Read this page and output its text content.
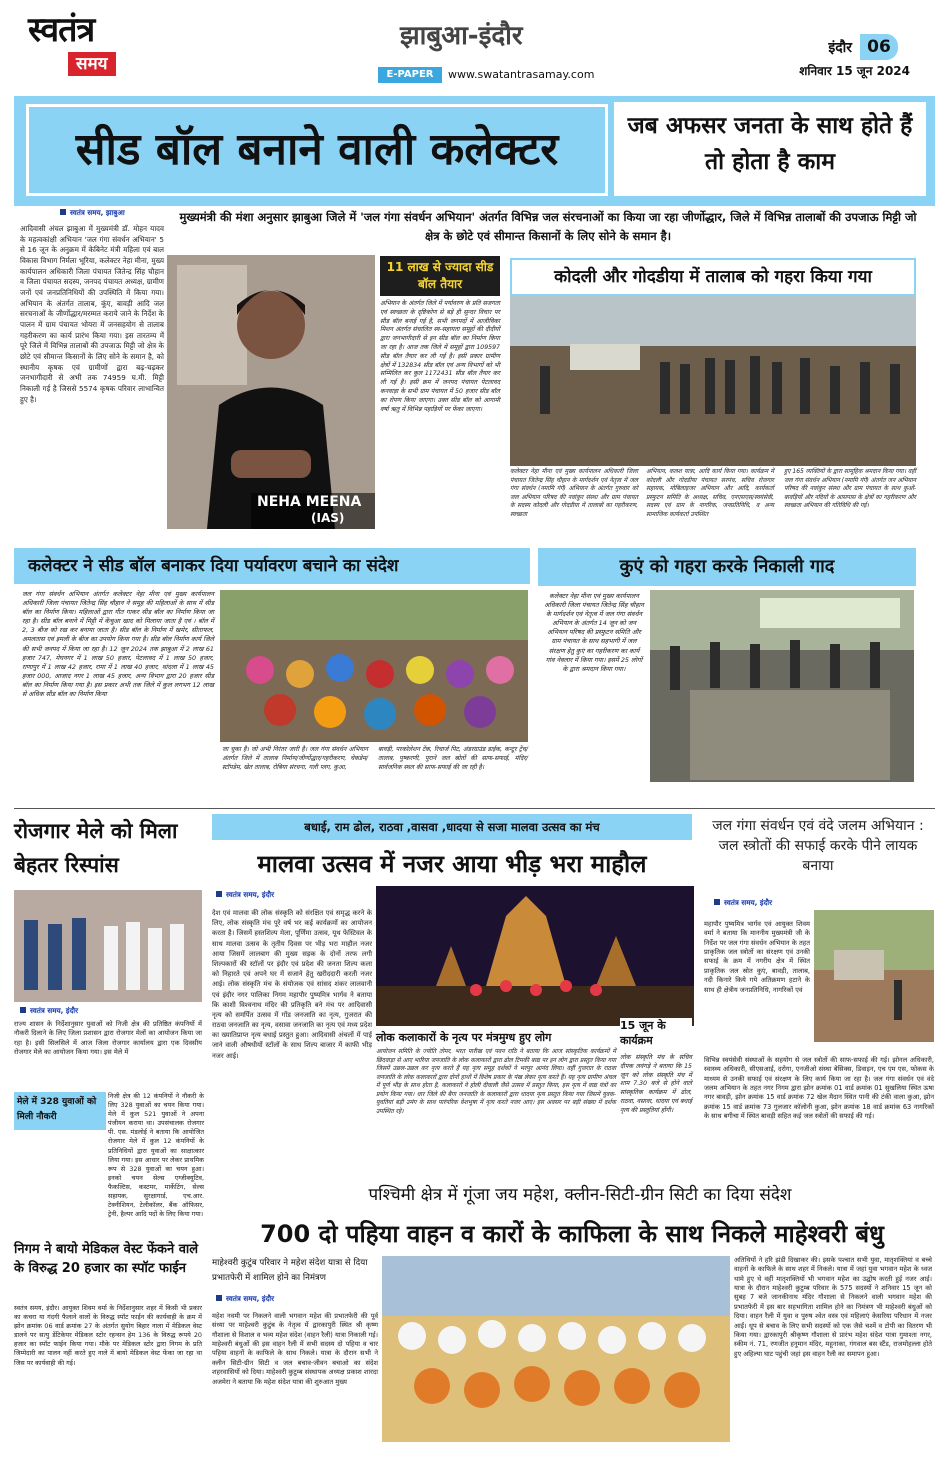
स्वतंत्र
समय
झाबुआ-इंदौर
E-PAPER	www.swatantrasamay.com
इंदौर 06
शनिवार 15 जून 2024
सीड बॉल बनाने वाली कलेक्टर	जब अफसर जनता के साथ होते हैं तो होता है काम
मुख्यमंत्री की मंशा अनुसार झाबुआ जिले में 'जल गंगा संवर्धन अभियान' अंतर्गत विभिन्न जल संरचनाओं का किया जा रहा जीर्णोद्धार, जिले में विभिन्न तालाबों की उपजाऊ मिट्टी जो क्षेत्र के छोटे एवं सीमान्त किसानों के लिए सोने के समान है।
स्वतंत्र समय, झाबुआ
आदिवासी अंचल झाबुआ में मुख्यमंत्री डॉ. मोहन यादव के महत्वकांक्षी अभियान 'जल गंगा संवर्धन अभियान' 5 से 16 जून के अनुक्रम में केबिनेट मंत्री महिला एवं बाल विकास विभाग निर्मला भूरिया, कलेक्टर नेहा मीना, मुख्य कार्यपालन अधिकारी जिला पंचायत जितेन्द्र सिंह चौहान व जिला पंचायत सदस्य, जनपद पंचायत अध्यक्ष, ग्रामीण जनों एवं जनप्रतिनिधियों की उपस्थिति में किया गया। अभियान के अंतर्गत तालाब, कूंए, बावड़ी आदि जल सरचनाओं के जीर्णोद्धार/मरम्मत कराये जाने के निर्देश के पालन में ग्राम पंचायत भोयरा में जनसहयोग से तालाब गहरीकरण का कार्य प्रारंभ किया गया। इस तारतम्य में पूरे जिले में विभिन्न तालाबों की उपजाऊ मिट्टी जो क्षेत्र के छोटे एवं सीमान्त किसानों के लिए सोने के समान है, को स्थानीय कृषक एवं ग्रामीणों द्वारा बढ़-चढ़कर जनभागीदारी से अभी तक 74959 घ.मी. मिट्टी निकाली गई है जिससे 5574 कृषक परिवार लाभान्वित हुए है।
NEHA MEENA
(IAS)
11 लाख से ज्यादा सीड बॉल तैयार
अभियान के अंतर्गत जिले में पर्यावरण के प्रति सजगता एवं स्वच्छता के दृष्टिकोण से बड़े ही सुन्दर विचार पर सीड बॉल बनाई गई है, सभी जनपदों में आजीविका मिशन अंतर्गत संचालित स्व-सहायता समूहों की दीदीयों द्वारा जनभागीदारी से इन सीड बॉल का निर्माण किया जा रहा है। आज तक जिले में समूहों द्वारा 109597 सीड बॉल तैयार कर ली गई है। इसी प्रकार ग्रामीण क्षेत्रों में 132834 सीड बॉल एवं अन्य विभागों को भी सम्मिलित कर कुल 1172431 सीड बॉल तैयार कर ली गई है। इसी क्रम में जनपद पंचायत पेटलावद कनवाड़ा के सभी ग्राम पंचायत में 50 हजार सीड बॉल का रोपण किया जाएगा। उक्त सीड बॉल को आगामी वर्षा ऋतु में विभिन्न पहाड़ियों पर फेंका जाएगा।
कोदली और गोदडीया में तालाब को गहरा किया गया
कलेक्टर नेहा मीना एवं मुख्य कार्यपालन अधिकारी जिला पंचायत जितेन्द्र सिंह चौहान के मार्गदर्शन एवं नेतृत्व में जल गंगा संवर्धन (नमामि गंगे) अभियान के अंतर्गत गुरुवार को जल अभियान परिषद की नवांकुर संस्था और ग्राम पंचायत के सदस्य कोदली और गोदडीया में तालाबों का गहरीकरण, स्वच्छता
अभियान, कलश यात्रा, आदि कार्य किया गया। कार्यक्रम में कोदली और गोदडीया पंचायत सरपंच, सचिव रोजगार सहायक, मोबिलाइजर अभियान और आदि, कार्यकर्ता प्रस्फुटन समिति के अध्यक्ष, सचिव, एनएसएस/स्वयंसेवी, सदस्य एवं ग्राम के नागरिक, जनप्रतिनिधि, व अन्य सामाजिक कार्यकर्ता उपस्थित
हुए 165 व्यक्तियों के द्वारा सामूहिक श्रमदान किया गया। वहीं जल गंगा संवर्धन अभियान (नमामि गंगे) अंतर्गत जन अभियान परिषद की नवांकुर संस्था और ग्राम पंचायत के साथ कुओं-बावड़ियों और नदियों के आसपास के क्षेत्रों का गहरीकरण और स्वच्छता अभियान की गतिविधि की गई।
कलेक्टर ने सीड बॉल बनाकर दिया पर्यावरण बचाने का संदेश
जल गंगा संवर्धन अभियान अंतर्गत कलेक्टर नेहा मीना एवं मुख्य कार्यपालन अधिकारी जिला पंचायत जितेन्द्र सिंह चौहान ने समूह की महिलाओं के साथ में सीड बॉल का निर्माण किया। महिलाओं द्वारा गीत गाकर सीड बॉल का निर्माण किया जा रहा है। सीड बॉल बनाने में मिट्टी में केंचुआ खाद को मिलाया जाता है एवं । बॉल में 2, 3 बीज को रख कर बनाया जाता है। सीड बॉल के निर्माण में खमेर, सीताफल, अमलतास एवं इमली के बीज का उपयोग किया गया है। सीड बॉल निर्माण कार्य जिले की सभी जनपद में किया जा रहा है। 12 जून 2024 तक झाबुआ में 2 लाख 61 हजार 747, मेघनगर में 1 लाख 50 हजार, पेटलावद में 1 लाख 50 हजार, राणापुर में 1 लाख 42 हजार, रामा में 1 लाख 40 हजार, थांदला में 1 लाख 45 हजार 000, आजाद नगर 1 लाख 45 हजार, अन्य विभाग द्वारा 20 हजार सीड बॉल का निर्माण किया गया है। इस प्रकार अभी तक जिले में कुल लगभग 12 लाख से अधिक सीड बॉल का निर्माण किया
जा चुका है। जो अभी निरंतर जारी है। जल गंगा संवर्धन अभियान अंतर्गत जिले में तालाब निर्माण/जीर्णोद्धार/गहरीकरण, चेकडेम/स्टॉपडेम, खेत तालाब, रोबिया संरचना, गली प्लग, कुआ,
बावड़ी, परकोलेशन टेंक, रिचार्ज पिट, अंडरग्राउंड डाईक, कन्टूर ट्रेंच/तालाब, पुष्करणी, पुराने जल स्रोतों की साफ-सफाई, मंदिर/सार्वजनिक स्थल की साफ-सफाई की जा रही है।
कुएं को गहरा करके निकाली गाद
कलेक्टर नेहा मीना एवं मुख्य कार्यपालन अधिकारी जिला पंचायत जितेन्द्र सिंह चौहान के मार्गदर्शन एवं नेतृत्व में जल गंगा संवर्धन अभियान के अंतर्गत 14 जून को जन अभियान परिषद की प्रस्फुटन समिति और ग्राम पंचायत के साथ सहभागी में जल संरक्षण हेतु कुएं का गहरीकरण का कार्य गांव नेवलार में किया गया। इसमें 25 लोगों के द्वारा श्रमदान किया गया।
रोजगार मेले को मिला बेहतर रिस्पांस
स्वतंत्र समय, इंदौर
राज्य शासन के निर्देशानुसार युवाओं को निजी क्षेत्र की प्रतिष्ठित कंपनियों में नौकरी दिलाने के लिए जिला प्रशासन द्वारा रोजगार मेलों का आयोजन किया जा रहा है। इसी सिलसिले में आज जिला रोजगार कार्यालय द्वारा एक दिवसीय रोजगार मेले का आयोजन किया गया। इस मेले में
मेले में 328 युवाओं को मिली नौकरी
निजी क्षेत्र की 12 कंपनियों ने नौकरी के लिए 328 युवाओं का चयन किया गया। मेले में कुल 521 युवाओं ने अपना पंजीयन कराया था। उपसंचालक रोजगार पी. एस. मंडलोई ने बताया कि आयोजित रोजगार मेले में कुल 12 कंपनियों के प्रतिनिधियों द्वारा युवाओं का साक्षात्कार लिया गया। इस आधार पर लेकर प्राथमिक रूप से 328 युवाओं का चयन हुआ। इनको चयन सेल्स एग्जीक्यूटिव, फैकल्टिस, कस्टमर, मार्केटिंग, सेल्स सहायक, सुरक्षागार्ड, एच.आर. टेक्नीशियन, टेलीकॉलर, बैंक ऑफिसर, ट्रेनी, हैल्पर आदि पदों के लिए किया गया।
निगम ने बायो मेडिकल वेस्ट फेंकने वाले के विरुद्ध 20 हजार का स्पॉट फाईन
स्वतंत्र समय, इंदौर। आयुक्त शिवम वर्मा के निर्देशानुसार शहर में किसी भी प्रकार का कचरा या गंदगी फैलाने वालों के विरुद्ध स्पॉट फाईन की कार्यवाही के क्रम में झोन क्रमांक 06 वार्ड क्रमांक 27 के अंतर्गत सुयोग बिहार नाला में मेडिकल वेस्ट डालने पर सत्यु डेंटिकेयर मेडिकल स्टोर रहन्सन हेम 136 के विरुद्ध रूपये 20 हजार का स्पॉट फाईन किया गया। मौके पर मेडिकल स्टोर द्वारा निगम के प्रति जिम्मेदारी का पालन नहीं करते हुए नाले में बायो मेडिकल वेस्ट फेंका जा रहा था जिस पर कार्यवाही की गई।
बधाई, राम ढोल, राठवा ,वासवा ,धादया से सजा मालवा उत्सव का मंच
मालवा उत्सव में नजर आया भीड़ भरा माहौल
स्वतंत्र समय, इंदौर
देश एवं मालवा की लोक संस्कृति को संरक्षित एवं समृद्ध करने के लिए, लोक संस्कृति मंच पूरे वर्ष भर कई कार्यक्रमों का आयोजन करता है। जिसमें हस्तशिल्प मेला, पूर्णिमा उत्सव, यूथ फेस्टिवल के साथ मालवा उत्सव के तृतीय दिवस पर भीड़ भरा माहौल नजर आया जिसमें लालबाग की मुख्य सड़क के दोनों तरफ लगी शिल्पकारों की स्टॉलों पर इंदौर एवं प्रदेश की जनता शिल्प कला को निहारते एवं अपने घर में सजाने हेतु खरीददारी करती नजर आई। लोक संस्कृति मंच के संयोजक एवं सांसद शंकर लालवानी एवं इंदौर नगर पालिका निगम महापौर पुष्यमित्र भार्गव ने बताया कि काशी विश्वनाथ मंदिर की प्रतिकृति बने मंच पर आदिवासी नृत्य को समर्पित उत्सव में गोंड जनजाति का नृत्य, गुजरात की राठवा जनजाति का नृत्य, वसावा जनजाति का नृत्य एवं मध्य प्रदेश का ख्यातिप्राप्त नृत्य बधाई प्रस्तुत हुआ। आदिवासी अंचलों में पाई जाने वाली औषधीयों स्टॉलों के साथ शिल्प बाजार में काफी भीड़ नजर आई।
लोक कलाकारों के नृत्य पर मंत्रमुग्ध हुए लोग
आयोजन समिति के ज्योति तोमर, भरत पारीख एवं पवन राठि ने बताया कि आज सांस्कृतिक कार्यक्रमों में छिंदवाड़ा से आए भारिया जनजाति के लोक कलाकारों द्वारा ढोल टिमकी बाद्य पर इन लोग द्वारा प्रस्तुत किया गया जिसमें उछल-उछल कर नृत्य करते हैं यह नृत्य समूह दर्शकों ने भरपूर आनंद लिया। वहीं गुजरात के राठवा जनजाति के लोक कलाकारों द्वारा दोनों हाथों में विशेष प्रकार के पंख लेकर नृत्य करते हैं। यह नृत्य ग्रामीण अंचल में पूर्ण भीड़ के साथ होता है, कलाकारों ने होली दीवाली जैसे उत्सव में प्रस्तुत किया, इस नृत्य में वाद्य यंत्रों का प्रयोग किया गया। धार जिले की बैगा जनजाति के कलाकारों द्वारा धादया नृत्य प्रस्तुत किया गया जिसमें युवक-युवतियां बड़ी उमंग के साथ पारंपरिक वेशभूषा में नृत्य करते नजर आए। इस अवसर पर बड़ी संख्या में दर्शक उपस्थित रहे।
15 जून के कार्यक्रम
लोक संस्कृति मंच के सचिव दीपक लवंगड़े ने बताया कि 15 जून को लोक संस्कृति मंच में शाम 7.30 बजे से होने वाले सांस्कृतिक कार्यक्रम में ढोल, राठवा, वसावा, धादया एवं बधाई नृत्य की प्रस्तुतियां होंगी।
जल गंगा संवर्धन एवं वंदे जलम अभियान : जल स्त्रोतों की सफाई करके पीने लायक बनाया
स्वतंत्र समय, इंदौर
महापौर पुष्यमित्र भार्गव एवं आयुक्त शिवम वर्मा ने बताया कि माननीय मुख्यमंत्री जी के निर्देश पर जल गंगा संवर्धन अभियान के तहत प्राकृतिक जल स्त्रोतों का संरक्षण एवं उनकी सफाई के क्रम में नगरीय क्षेत्र में स्थित प्राकृतिक जल स्रोत कुएं, बावड़ी, तालाब, नदी किनारे किये गये अतिक्रमण हटाने के साथ ही क्षेत्रीय जनप्रतिनिधि, नागरिकों एवं
विभिन्न स्वयंसेवी संस्थाओं के सहयोग से जल स्त्रोतों की साफ-सफाई की गई। झोनल अधिकारी, स्वास्थ्य अधिकारी, सीएसआई, दरोगा, एनजीओ संस्था बेसिक्स, डिवाइन, एच एम एस, फोकस के माध्यम से उनकी सफाई एवं संरक्षण के लिए कार्य किया जा रहा है। जल गंगा संवर्धन एवं वंदे जलम अभियान के तहत नगर निगम द्वारा झोन क्रमांक 01 वार्ड क्रमांक 01 सुखलिया स्थित ऊषा नगर बावड़ी, झोन क्रमांक 15 वार्ड क्रमांक 72 खेल मैदान स्थित पानी की टंकी वाला कुआ, झोन क्रमांक 15 वार्ड क्रमांक 73 गुलजार कॉलोनी कुआ, झोन क्रमांक 18 वार्ड क्रमांक 63 नागरिकों के साथ बगीचा में स्थित बावड़ी सहित कई जल स्त्रोतों की सफाई की गई।
पश्चिमी क्षेत्र में गूंजा जय महेश, क्लीन-सिटी-ग्रीन सिटी का दिया संदेश
700 दो पहिया वाहन व कारों के काफिला के साथ निकले माहेश्वरी बंधु
माहेश्वरी कुटुंब परिवार ने महेश संदेश यात्रा से दिया प्रभातफेरी में शामिल होने का निमंत्रण
स्वतंत्र समय, इंदौर
महेश नवमी पर निकलने वाली भगवान महेश की प्रभातफेरी की पूर्व संध्या पर माहेश्वरी कुटुंब के नेतृत्व में द्वारकापुरी स्थित श्री कृष्ण गौशाला से विशाल व भव्य महेश संदेश (वाहन रैली) यात्रा निकाली गई। माहेश्वरी बंधुओं की इस वाहन रैली में सभी सदस्य दो पहिया व चार पहिया वाहनों के काफिले के साथ निकले। यात्रा के दौरान सभी ने क्लीन सिटी-ग्रीन सिटी व जल बचाव-जीवन बचाओ का संदेश शहरवासियों को दिया। माहेश्वरी कुटुम्ब संस्थापक अध्यक्ष प्रकाश शारदा अजमेरा ने बताया कि महेश संदेश यात्रा की शुरुआत मुख्य
अतिथियों ने हरि झंडी दिखाकर की। इसके पश्चात सभी युवा, मातृशक्तियां व बच्चे वाहनों के काफिले के साथ शहर में निकले। यात्रा में जहां युवा भगवान महेश के ध्वज थामे हुए थे वहीं मातृशक्तियों भी भगवान महेश का उद्घोष करती हुई नजर आई। यात्रा के दौरान माहेश्वरी कुटुम्ब परिवार के 575 सदस्यों ने शनिवार 15 जून को सुबह 7 बजे जानकीनाथ मंदिर गौशाला से निकलने वाली भगवान महेश की प्रभातफेरी में इस बार सहभागिता शामिल होने का निमंत्रण भी माहेश्वरी बंधुओं को दिया। वाहन रैली में युवा व पुरुष श्वेत वस्त्र एवं महिलाएं केसरिया परिधान में नजर आईं। धूप से बचाव के लिए सभी सदस्यों को एक जैसे चश्में व टोपी का वितरण भी किया गया। द्वारकापुरी श्रीकृष्ण गौशाला से प्रारंभ महेश संदेश यात्रा गुमाश्ता नगर, स्कीम नं. 71, रणजीत हनुमान मंदिर, महूनाका, गंगवाल बस स्टैंड, राजमोहल्ला होते हुए अहिल्या घाट पहुंची जहां इस वाहन रैली का समापन हुआ।
